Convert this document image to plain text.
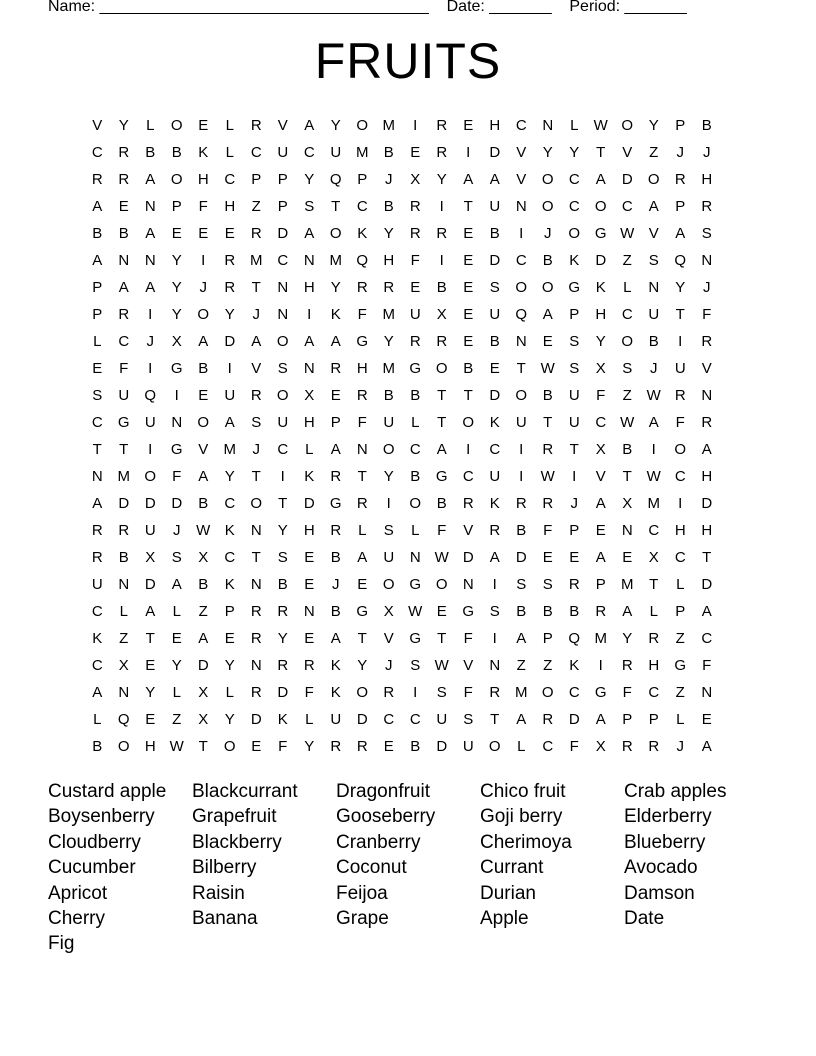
Name: _____________________________________ Date: _______ Period: _______
FRUITS
V	Y	L	O	E	L	R	V	A	Y	O M	I	R	E	H	C	N	L	W O	Y	P	B
C	R	B	B	K	L	C	U	C	U M	B	E	R	I	D	V	Y	Y	T	V	Z	J	J
R	R	A	O	H	C	P	P	Y	Q	P	J	X	Y	A	A	V	O	C	A	D	O	R	H
A	E	N	P	F	H	Z	P	S	T	C	B	R	I	T	U	N	O	C	O	C	A	P	R
B	B	A	E	E	E	R	D	A	O	K	Y	R	R	E	B	I	J	O G W V	A	S
A	N	N	Y	I	R M C	N M Q	H	F	I	E	D	C	B	K	D	Z	S	Q	N
P	A	A	Y	J	R	T	N	H	Y	R	R	E	B	E	S	O O G	K	L	N	Y	J
P	R	I	Y	O	Y	J	N	I	K	F	M U	X	E	U	Q	A	P	H	C	U	T	F
L	C	J	X	A	D	A	O	A	A	G	Y	R	R	E	B	N	E	S	Y	O	B	I	R
E	F	I	G	B	I	V	S	N	R	H M G O	B	E	T W S	X	S	J	U	V
S	U	Q	I	E	U	R	O	X	E	R	B	B	T	T	D	O	B	U	F	Z W R	N
C	G	U	N	O	A	S	U	H	P	F	U	L	T	O	K	U	T	U	C W A	F	R
T	T	I	G	V	M	J	C	L	A	N	O	C	A	I	C	I	R	T	X	B	I	O	A
N M O	F	A	Y	T	I	K	R	T	Y	B	G	C	U	I	W	I	V	T W C	H
A	D	D	D	B	C	O	T	D	G	R	I	O	B	R	K	R	R	J	A	X	M	I	D
R	R	U	J	W K	N	Y	H	R	L	S	L	F	V	R	B	F	P	E	N	C	H	H
R	B	X	S	X	C	T	S	E	B	A	U	N W D	A	D	E	E	A	E	X	C	T
U	N	D	A	B	K	N	B	E	J	E	O G O	N	I	S	S	R	P	M	T	L	D
C	L	A	L	Z	P	R	R	N	B	G	X W E	G	S	B	B	B	R	A	L	P	A
K	Z	T	E	A	E	R	Y	E	A	T	V	G	T	F	I	A	P	Q M	Y	R	Z	C
C	X	E	Y	D	Y	N	R	R	K	Y	J	S W V	N	Z	Z	K	I	R	H	G	F
A	N	Y	L	X	L	R	D	F	K	O	R	I	S	F	R M O	C	G	F	C	Z	N
L	Q	E	Z	X	Y	D	K	L	U	D	C	C	U	S	T	A	R	D	A	P	P	L	E
B	O	H W T	O	E	F	Y	R	R	E	B	D	U	O	L	C	F	X	R	R	J	A
Custard apple	Blackcurrant	Dragonfruit	Chico fruit	Crab apples
Boysenberry	Grapefruit	Gooseberry	Goji berry	Elderberry
Cloudberry	Blackberry	Cranberry	Cherimoya	Blueberry
Cucumber	Bilberry	Coconut	Currant	Avocado
Apricot	Raisin	Feijoa	Durian	Damson
Cherry	Banana	Grape	Apple	Date
Fig
